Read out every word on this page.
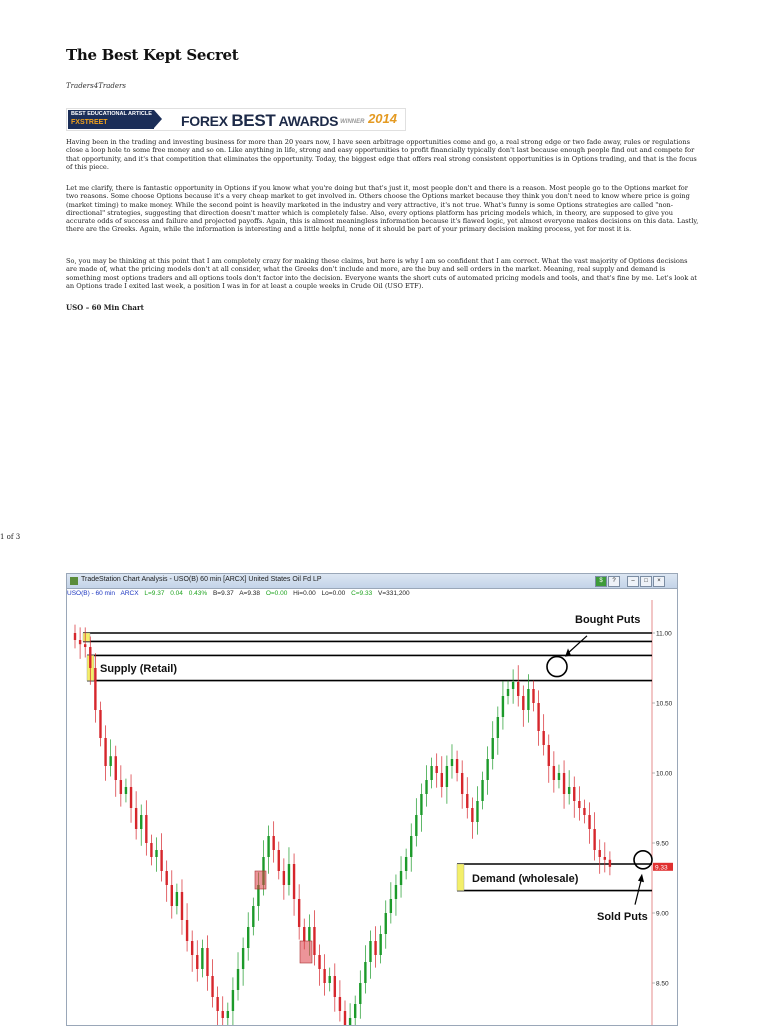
The Best Kept Secret

Traders4Traders

BEST EDUCATIONAL ARTICLE
FXSTREET	FOREX BEST AWARDS WINNER 2014

Having been in the trading and investing business for more than 20 years now, I have seen arbitrage opportunities come and go, a real strong edge or two fade away, rules or regulations close a loop hole to some free money and so on. Like anything in life, strong and easy opportunities to profit financially typically don't last because enough people find out and compete for that opportunity, and it's that competition that eliminates the opportunity. Today, the biggest edge that offers real strong consistent opportunities is in Options trading, and that is the focus of this piece.

Let me clarify, there is fantastic opportunity in Options if you know what you're doing but that's just it, most people don't and there is a reason. Most people go to the Options market for two reasons. Some choose Options because it's a very cheap market to get involved in. Others choose the Options market because they think you don't need to know where price is going (market timing) to make money. While the second point is heavily marketed in the industry and very attractive, it's not true. What's funny is some Options strategies are called "non-directional" strategies, suggesting that direction doesn't matter which is completely false. Also, every options platform has pricing models which, in theory, are supposed to give you accurate odds of success and failure and projected payoffs. Again, this is almost meaningless information because it's flawed logic, yet almost everyone makes decisions on this data. Lastly, there are the Greeks. Again, while the information is interesting and a little helpful, none of it should be part of your primary decision making process, yet for most it is.

So, you may be thinking at this point that I am completely crazy for making these claims, but here is why I am so confident that I am correct. What the vast majority of Options decisions are made of, what the pricing models don't at all consider, what the Greeks don't include and more, are the buy and sell orders in the market. Meaning, real supply and demand is something most options traders and all options tools don't factor into the decision. Everyone wants the short cuts of automated pricing models and tools, and that's fine by me. Let's look at an Options trade I exited last week, a position I was in for at least a couple weeks in Crude Oil (USO ETF).

USO – 60 Min Chart

1 of 3
TradeStation Chart Analysis - USO(B) 60 min [ARCX] United States Oil Fd LP	$	?	–	□	×
USO(B) - 60 min ARCX L=9.37 0.04 0.43% B=9.37 A=9.38 O=0.00 Hi=0.00 Lo=0.00 C=9.33 V=331,200
11.00
10.50
10.00
9.50
9.00
8.50
9.33
Bought Puts
Supply (Retail)
Demand (wholesale)
Sold Puts
